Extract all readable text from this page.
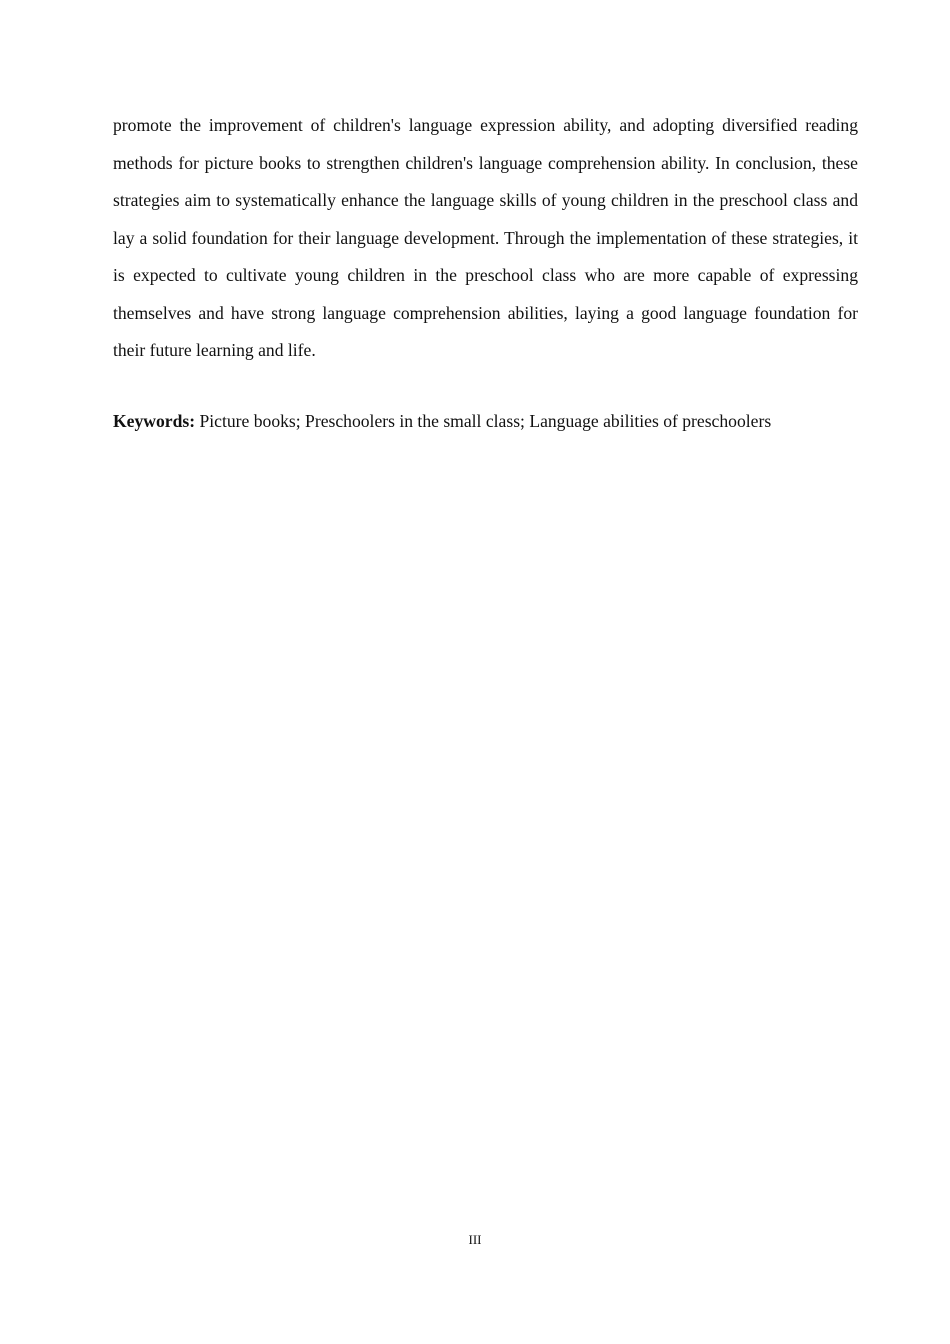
promote the improvement of children's language expression ability, and adopting diversified reading methods for picture books to strengthen children's language comprehension ability. In conclusion, these strategies aim to systematically enhance the language skills of young children in the preschool class and lay a solid foundation for their language development. Through the implementation of these strategies, it is expected to cultivate young children in the preschool class who are more capable of expressing themselves and have strong language comprehension abilities, laying a good language foundation for their future learning and life.

Keywords: Picture books; Preschoolers in the small class; Language abilities of preschoolers

III
